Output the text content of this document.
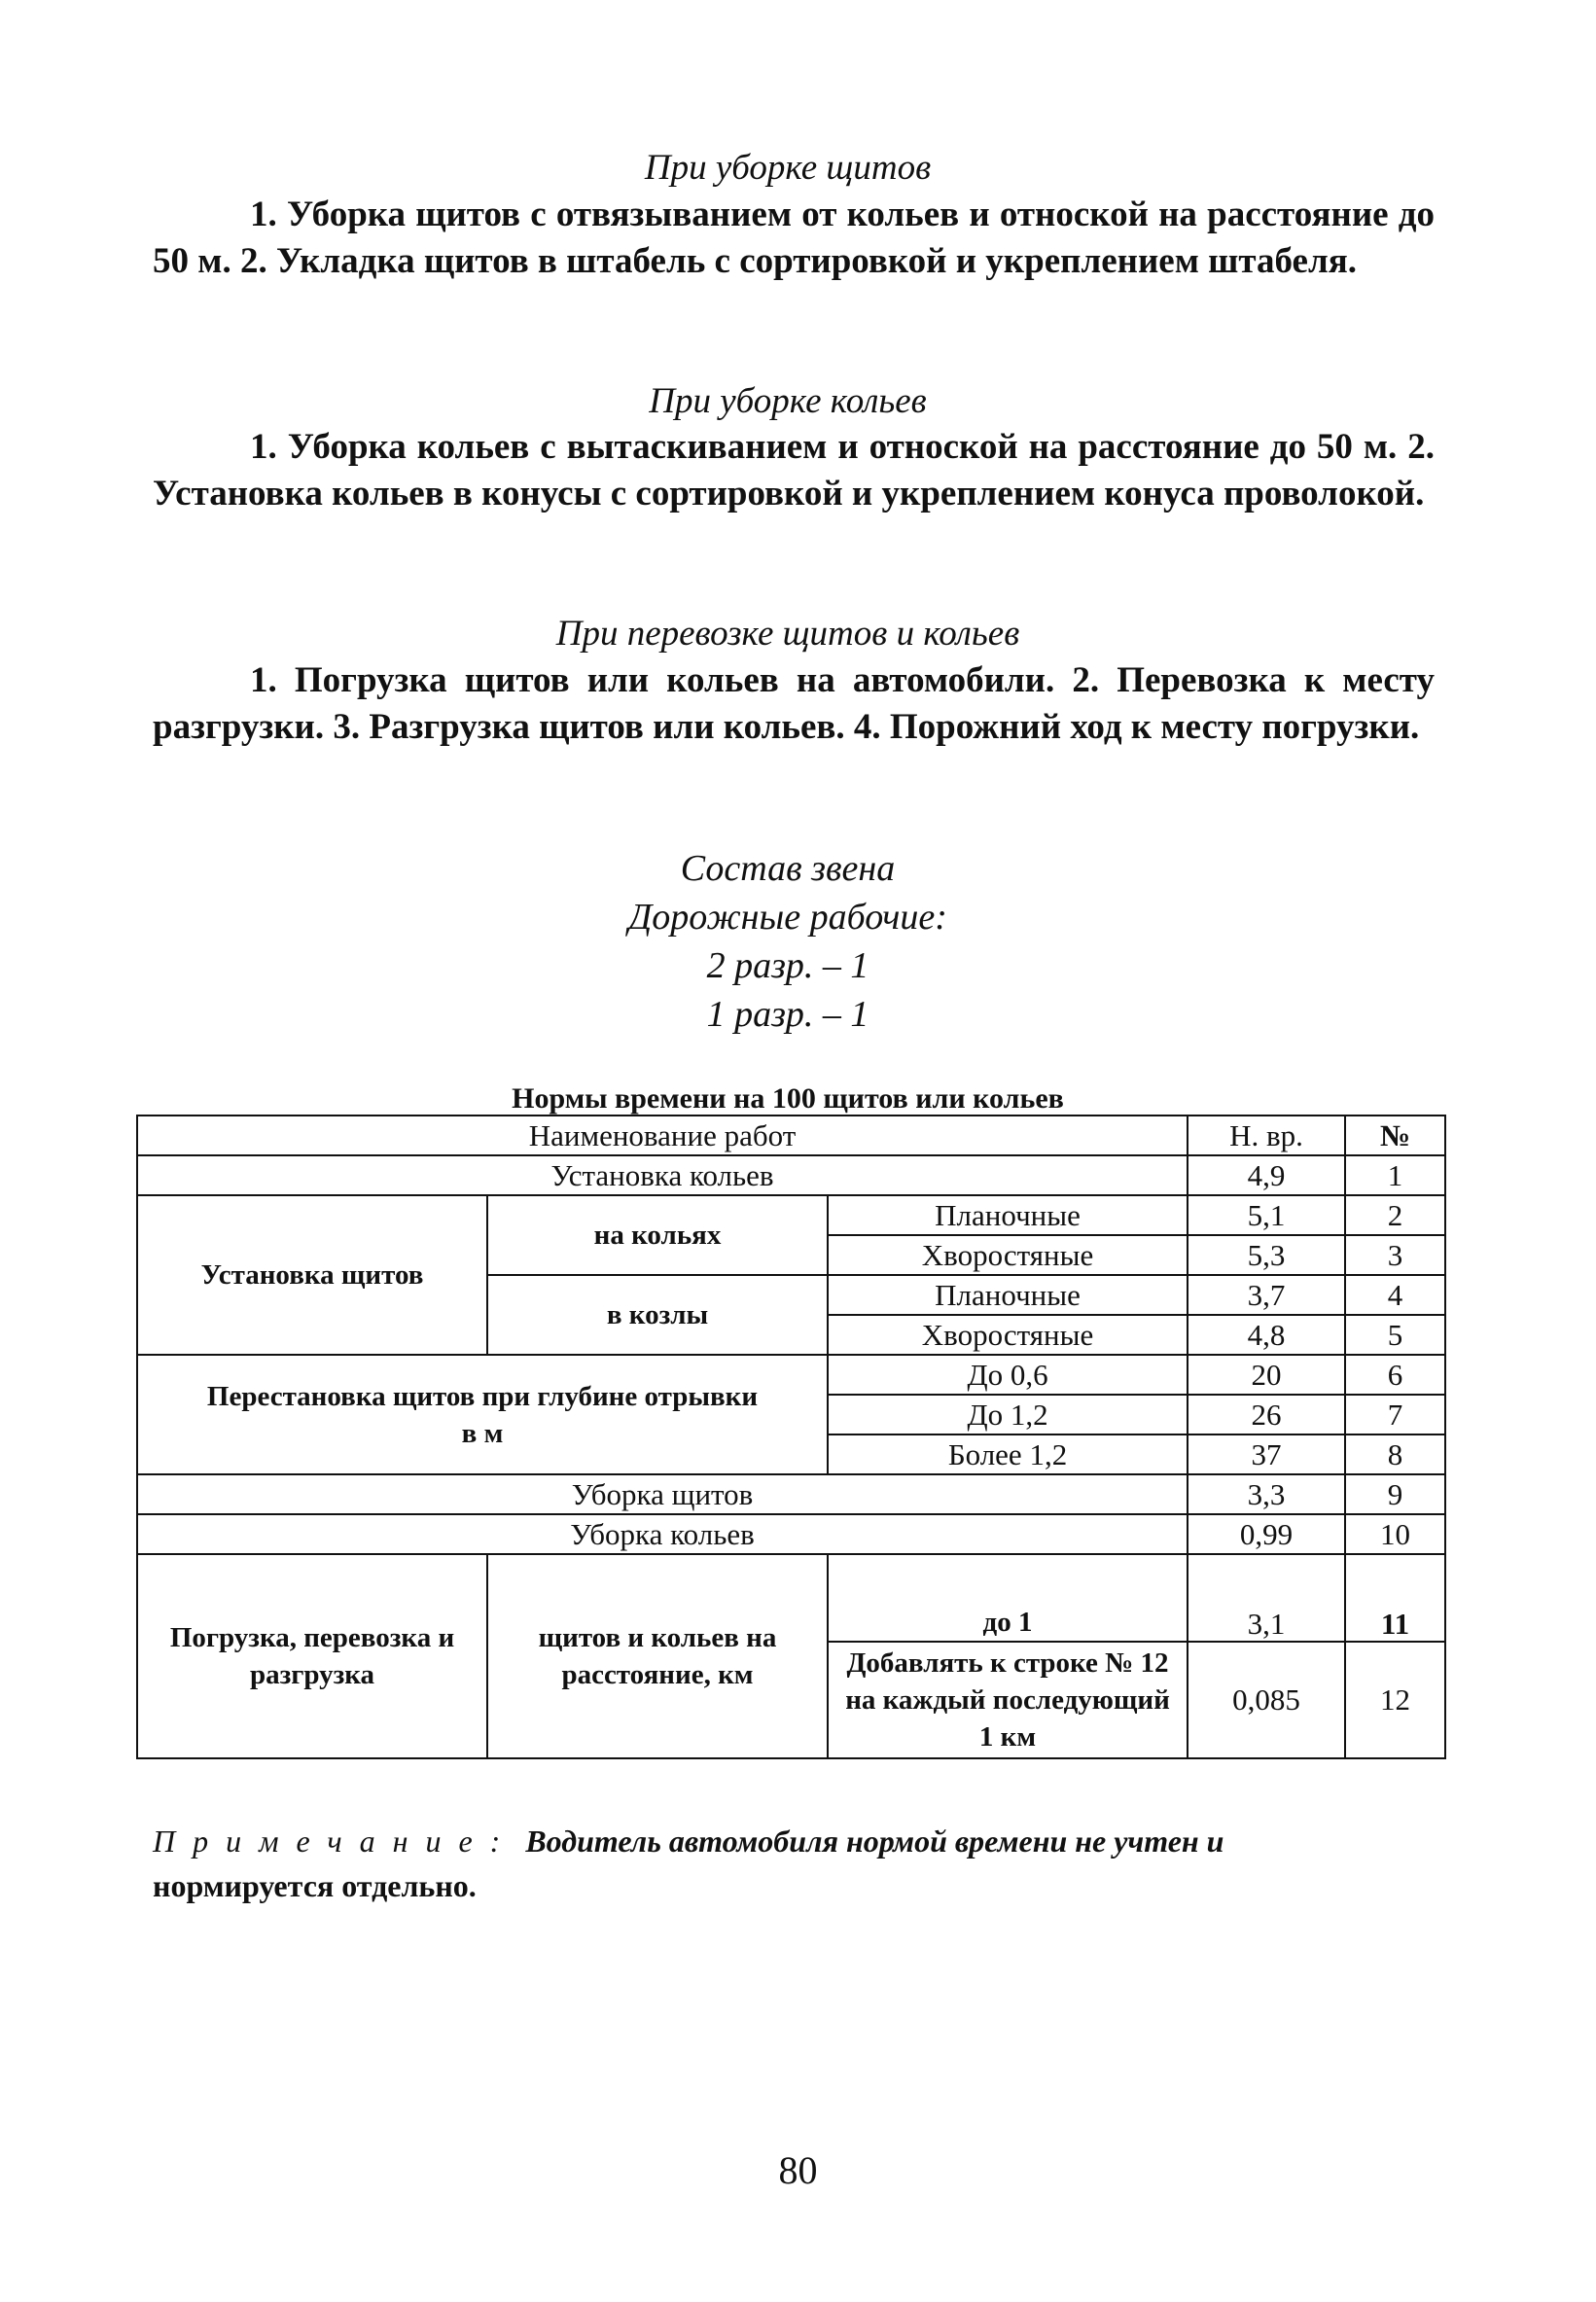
При уборке щитов

1. Уборка щитов с отвязыванием от кольев и отноской на расстояние до 50 м. 2. Укладка щитов в штабель с сортировкой и укреплением штабеля.

При уборке кольев

1. Уборка кольев с вытаскиванием и отноской на расстояние до 50 м. 2. Установка кольев в конусы с сортировкой и укреплением конуса проволокой.

При перевозке щитов и кольев

1. Погрузка щитов или кольев на автомобили. 2. Перевозка к месту разгрузки. 3. Разгрузка щитов или кольев. 4. Порожний ход к месту погрузки.

Состав звена
Дорожные рабочие:
2 разр. – 1
1 разр. – 1
Нормы времени на 100 щитов или кольев
Наименование работ			Н. вр.	№
Установка кольев			4,9	1
Установка щитов	на кольях	Планочные	5,1	2
		Хворостяные	5,3	3
	в козлы	Планочные	3,7	4
		Хворостяные	4,8	5
Перестановка щитов при глубине отрывки в м		До 0,6	20	6
		До 1,2	26	7
		Более 1,2	37	8
Уборка щитов			3,3	9
Уборка кольев			0,99	10
Погрузка, перевозка и разгрузка	щитов и кольев на расстояние, км	до 1	3,1	11
		Добавлять к строке № 12 на каждый последующий 1 км	0,085	12
Примечание: Водитель автомобиля нормой времени не учтен и
нормируется отдельно.
80
